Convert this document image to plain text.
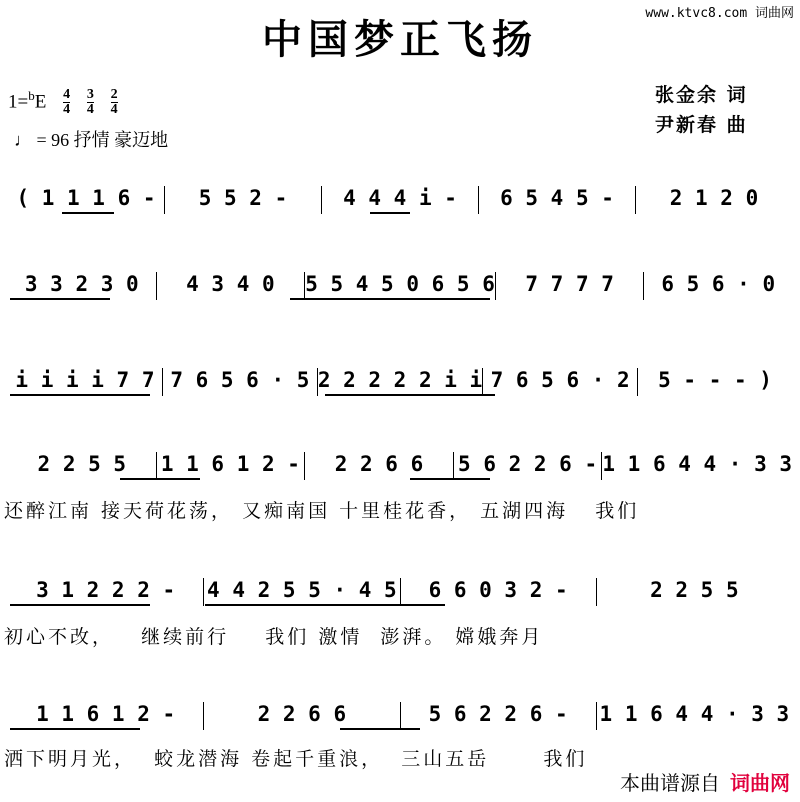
www.ktvc8.com 词曲网
中国梦正飞扬
$1=^bE \frac{4}{4}$
$\frac{3}{4}$
$\frac{2}{4}$
♩ = 96 抒情 豪迈地
张金余 词
尹新春 曲
( 1 1 1 6 -	5 5 2 -	4 4 4 i -	6 5 4 5 -	2 1 2 0
3 3 2 3 0	4 3 4 0	5 5 4 5 0 6 5 6	7 7 7 7	6 5 6 · 0
i i i i 7 7 7 6 5 6 · 5 2 2 2 2 2 i i 7 6 5 6 · 2	5 - - - )
2 2 5 5	1 1 6 1 2 -	2 2 6 6	5 6 2 2 6 - 1 1 6 4 4 · 3 3
还醉江南 接天荷花荡， 又痴南国 十里桂花香， 五湖四海   我们
3 1 2 2 2 -	4 4 2 5 5 · 4 5	6 6 0 3 2 -	2 2 5 5
初心不改，   继续前行    我们 激情  澎湃。 嫦娥奔月
1 1 6 1 2 -	2 2 6 6	5 6 2 2 6 -	1 1 6 4 4 · 3 3
洒下明月光，  蛟龙潜海 卷起千重浪，  三山五岳      我们
本曲谱源自 词曲网
